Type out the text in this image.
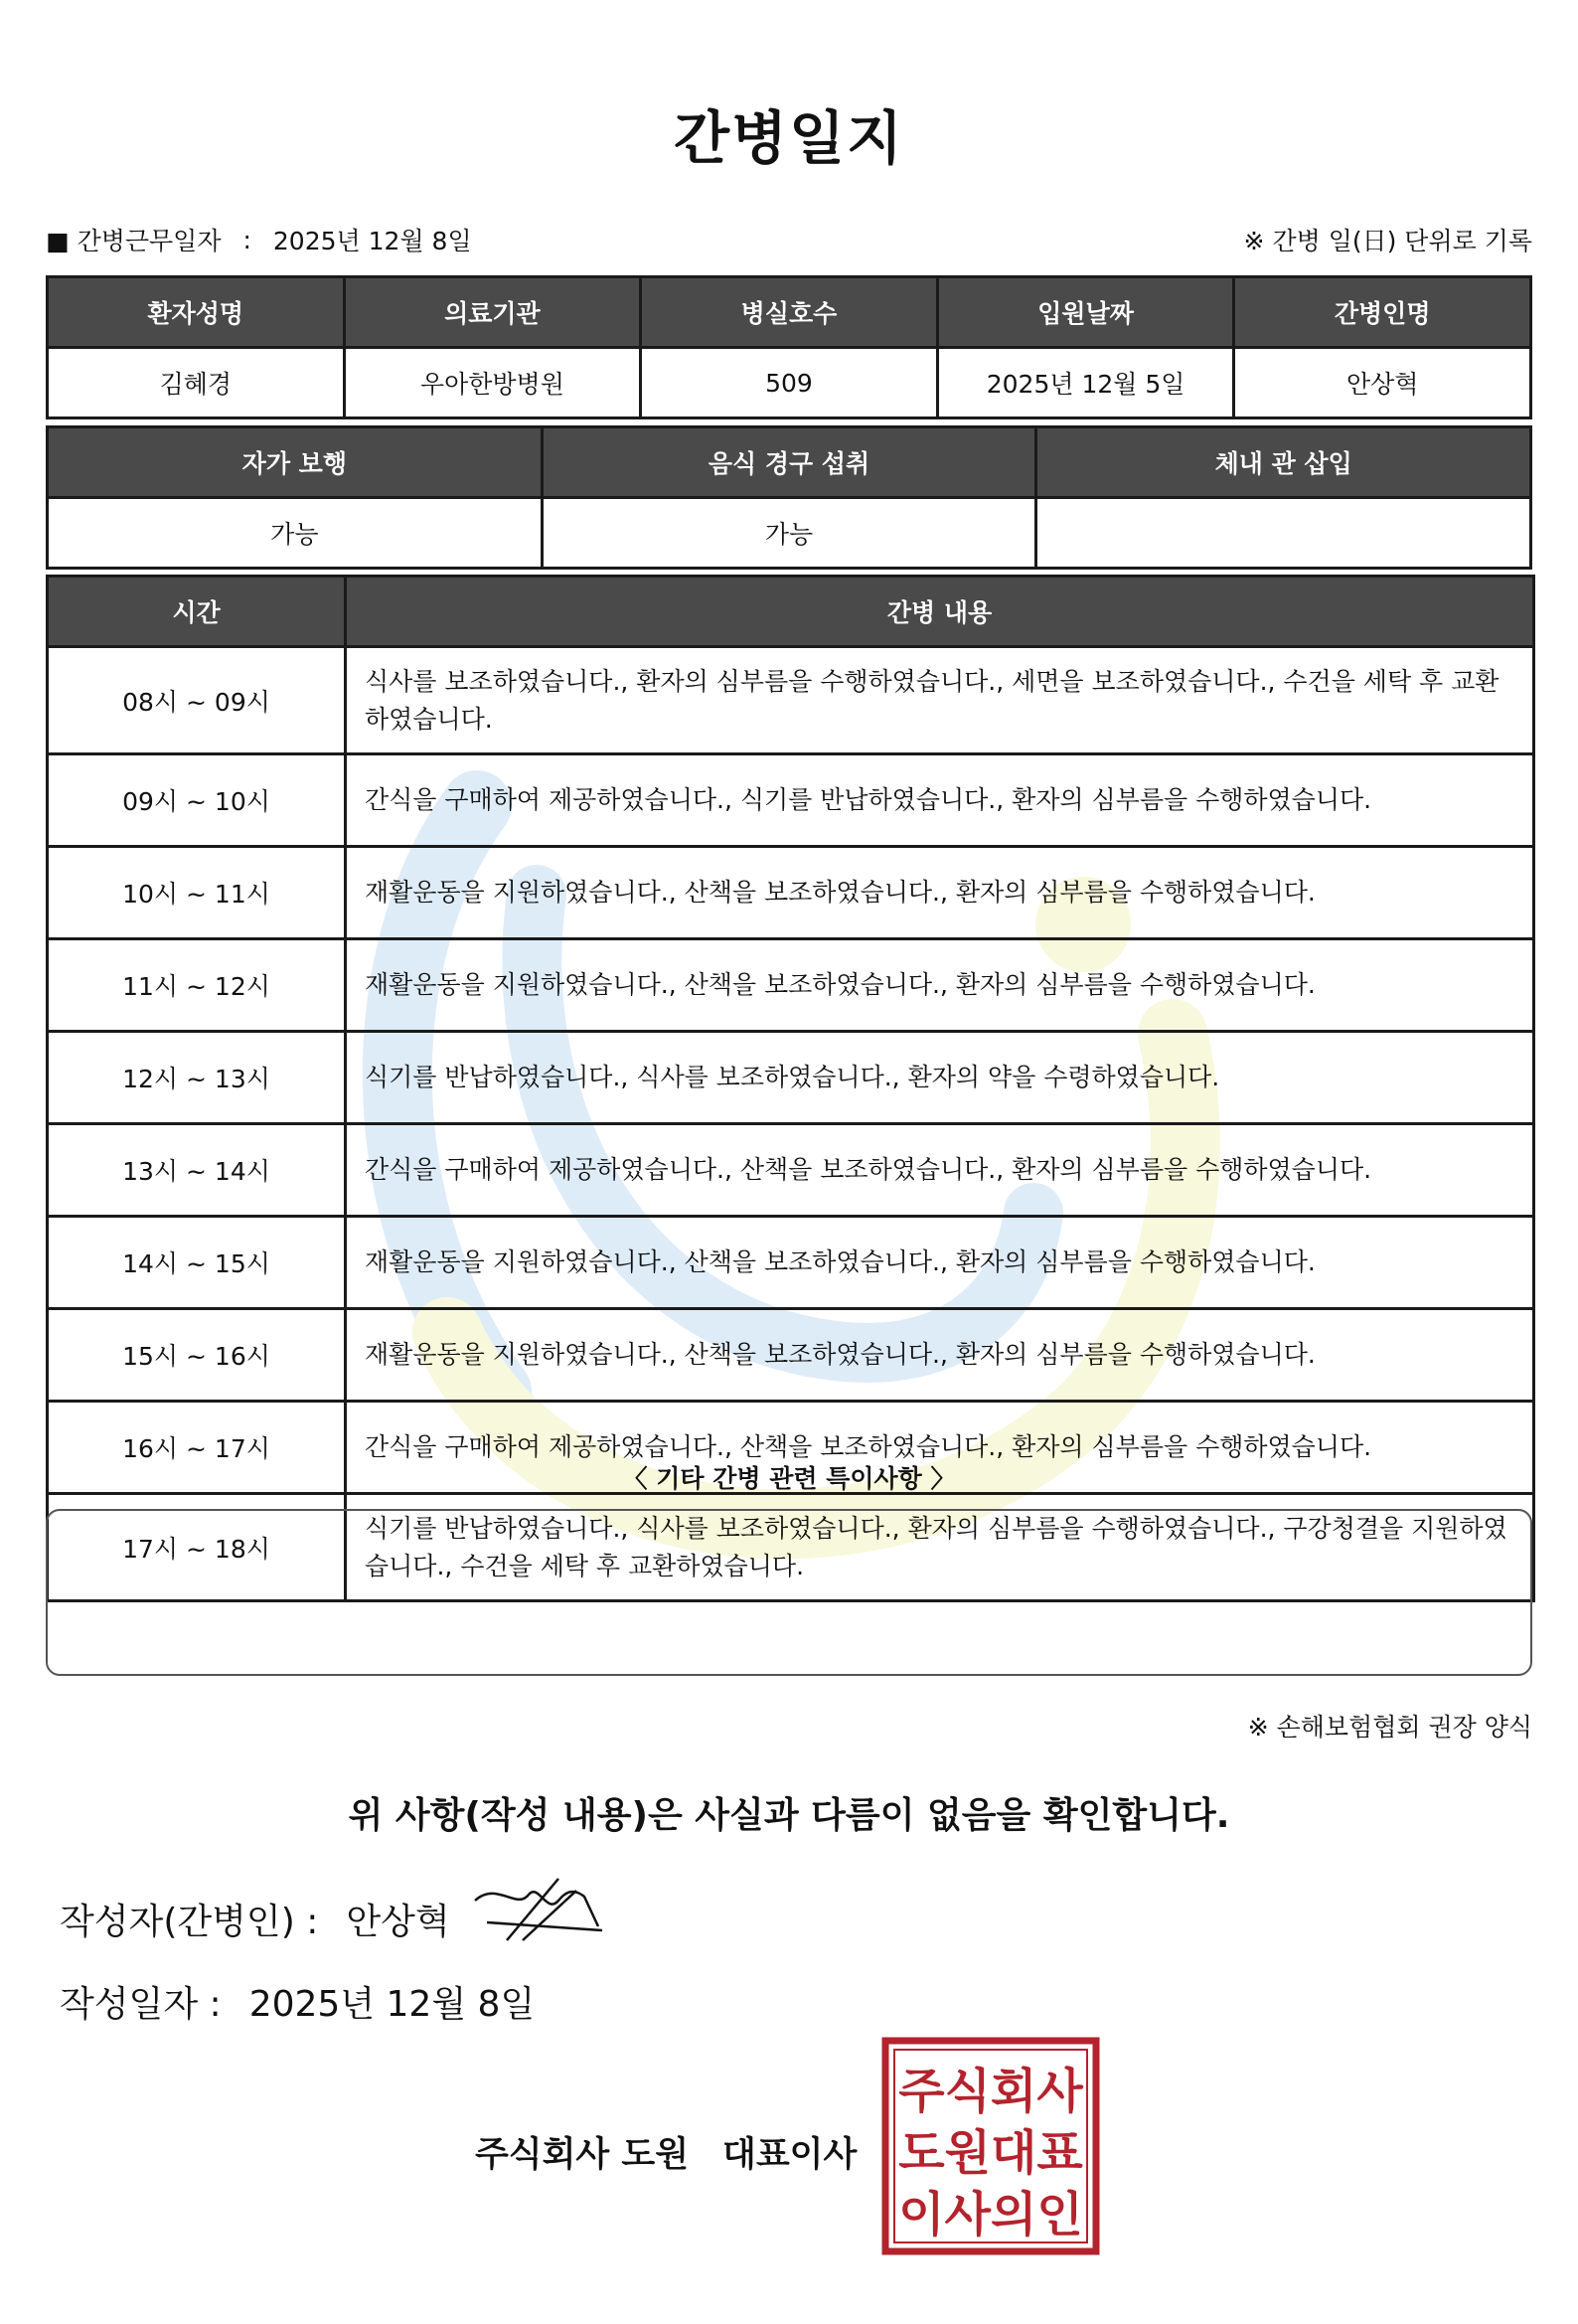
간병일지
■ 간병근무일자 : 2025년 12월 8일	※ 간병 일(日) 단위로 기록
환자성명	의료기관	병실호수	입원날짜	간병인명
김혜경	우아한방병원	509	2025년 12월 5일	안상혁
자가 보행	음식 경구 섭취	체내 관 삽입
가능	가능	
시간	간병 내용
08시 ~ 09시	식사를 보조하였습니다., 환자의 심부름을 수행하였습니다., 세면을 보조하였습니다., 수건을 세탁 후 교환하였습니다.
09시 ~ 10시	간식을 구매하여 제공하였습니다., 식기를 반납하였습니다., 환자의 심부름을 수행하였습니다.
10시 ~ 11시	재활운동을 지원하였습니다., 산책을 보조하였습니다., 환자의 심부름을 수행하였습니다.
11시 ~ 12시	재활운동을 지원하였습니다., 산책을 보조하였습니다., 환자의 심부름을 수행하였습니다.
12시 ~ 13시	식기를 반납하였습니다., 식사를 보조하였습니다., 환자의 약을 수령하였습니다.
13시 ~ 14시	간식을 구매하여 제공하였습니다., 산책을 보조하였습니다., 환자의 심부름을 수행하였습니다.
14시 ~ 15시	재활운동을 지원하였습니다., 산책을 보조하였습니다., 환자의 심부름을 수행하였습니다.
15시 ~ 16시	재활운동을 지원하였습니다., 산책을 보조하였습니다., 환자의 심부름을 수행하였습니다.
16시 ~ 17시	간식을 구매하여 제공하였습니다., 산책을 보조하였습니다., 환자의 심부름을 수행하였습니다.
17시 ~ 18시	식기를 반납하였습니다., 식사를 보조하였습니다., 환자의 심부름을 수행하였습니다., 구강청결을 지원하였습니다., 수건을 세탁 후 교환하였습니다.
〈 기타 간병 관련 특이사항 〉
※ 손해보험협회 권장 양식
위 사항(작성 내용)은 사실과 다름이 없음을 확인합니다.
작성자(간병인) : 안상혁
작성일자 : 2025년 12월 8일
주식회사 도원 대표이사
주식회사
도원대표
이사의인
